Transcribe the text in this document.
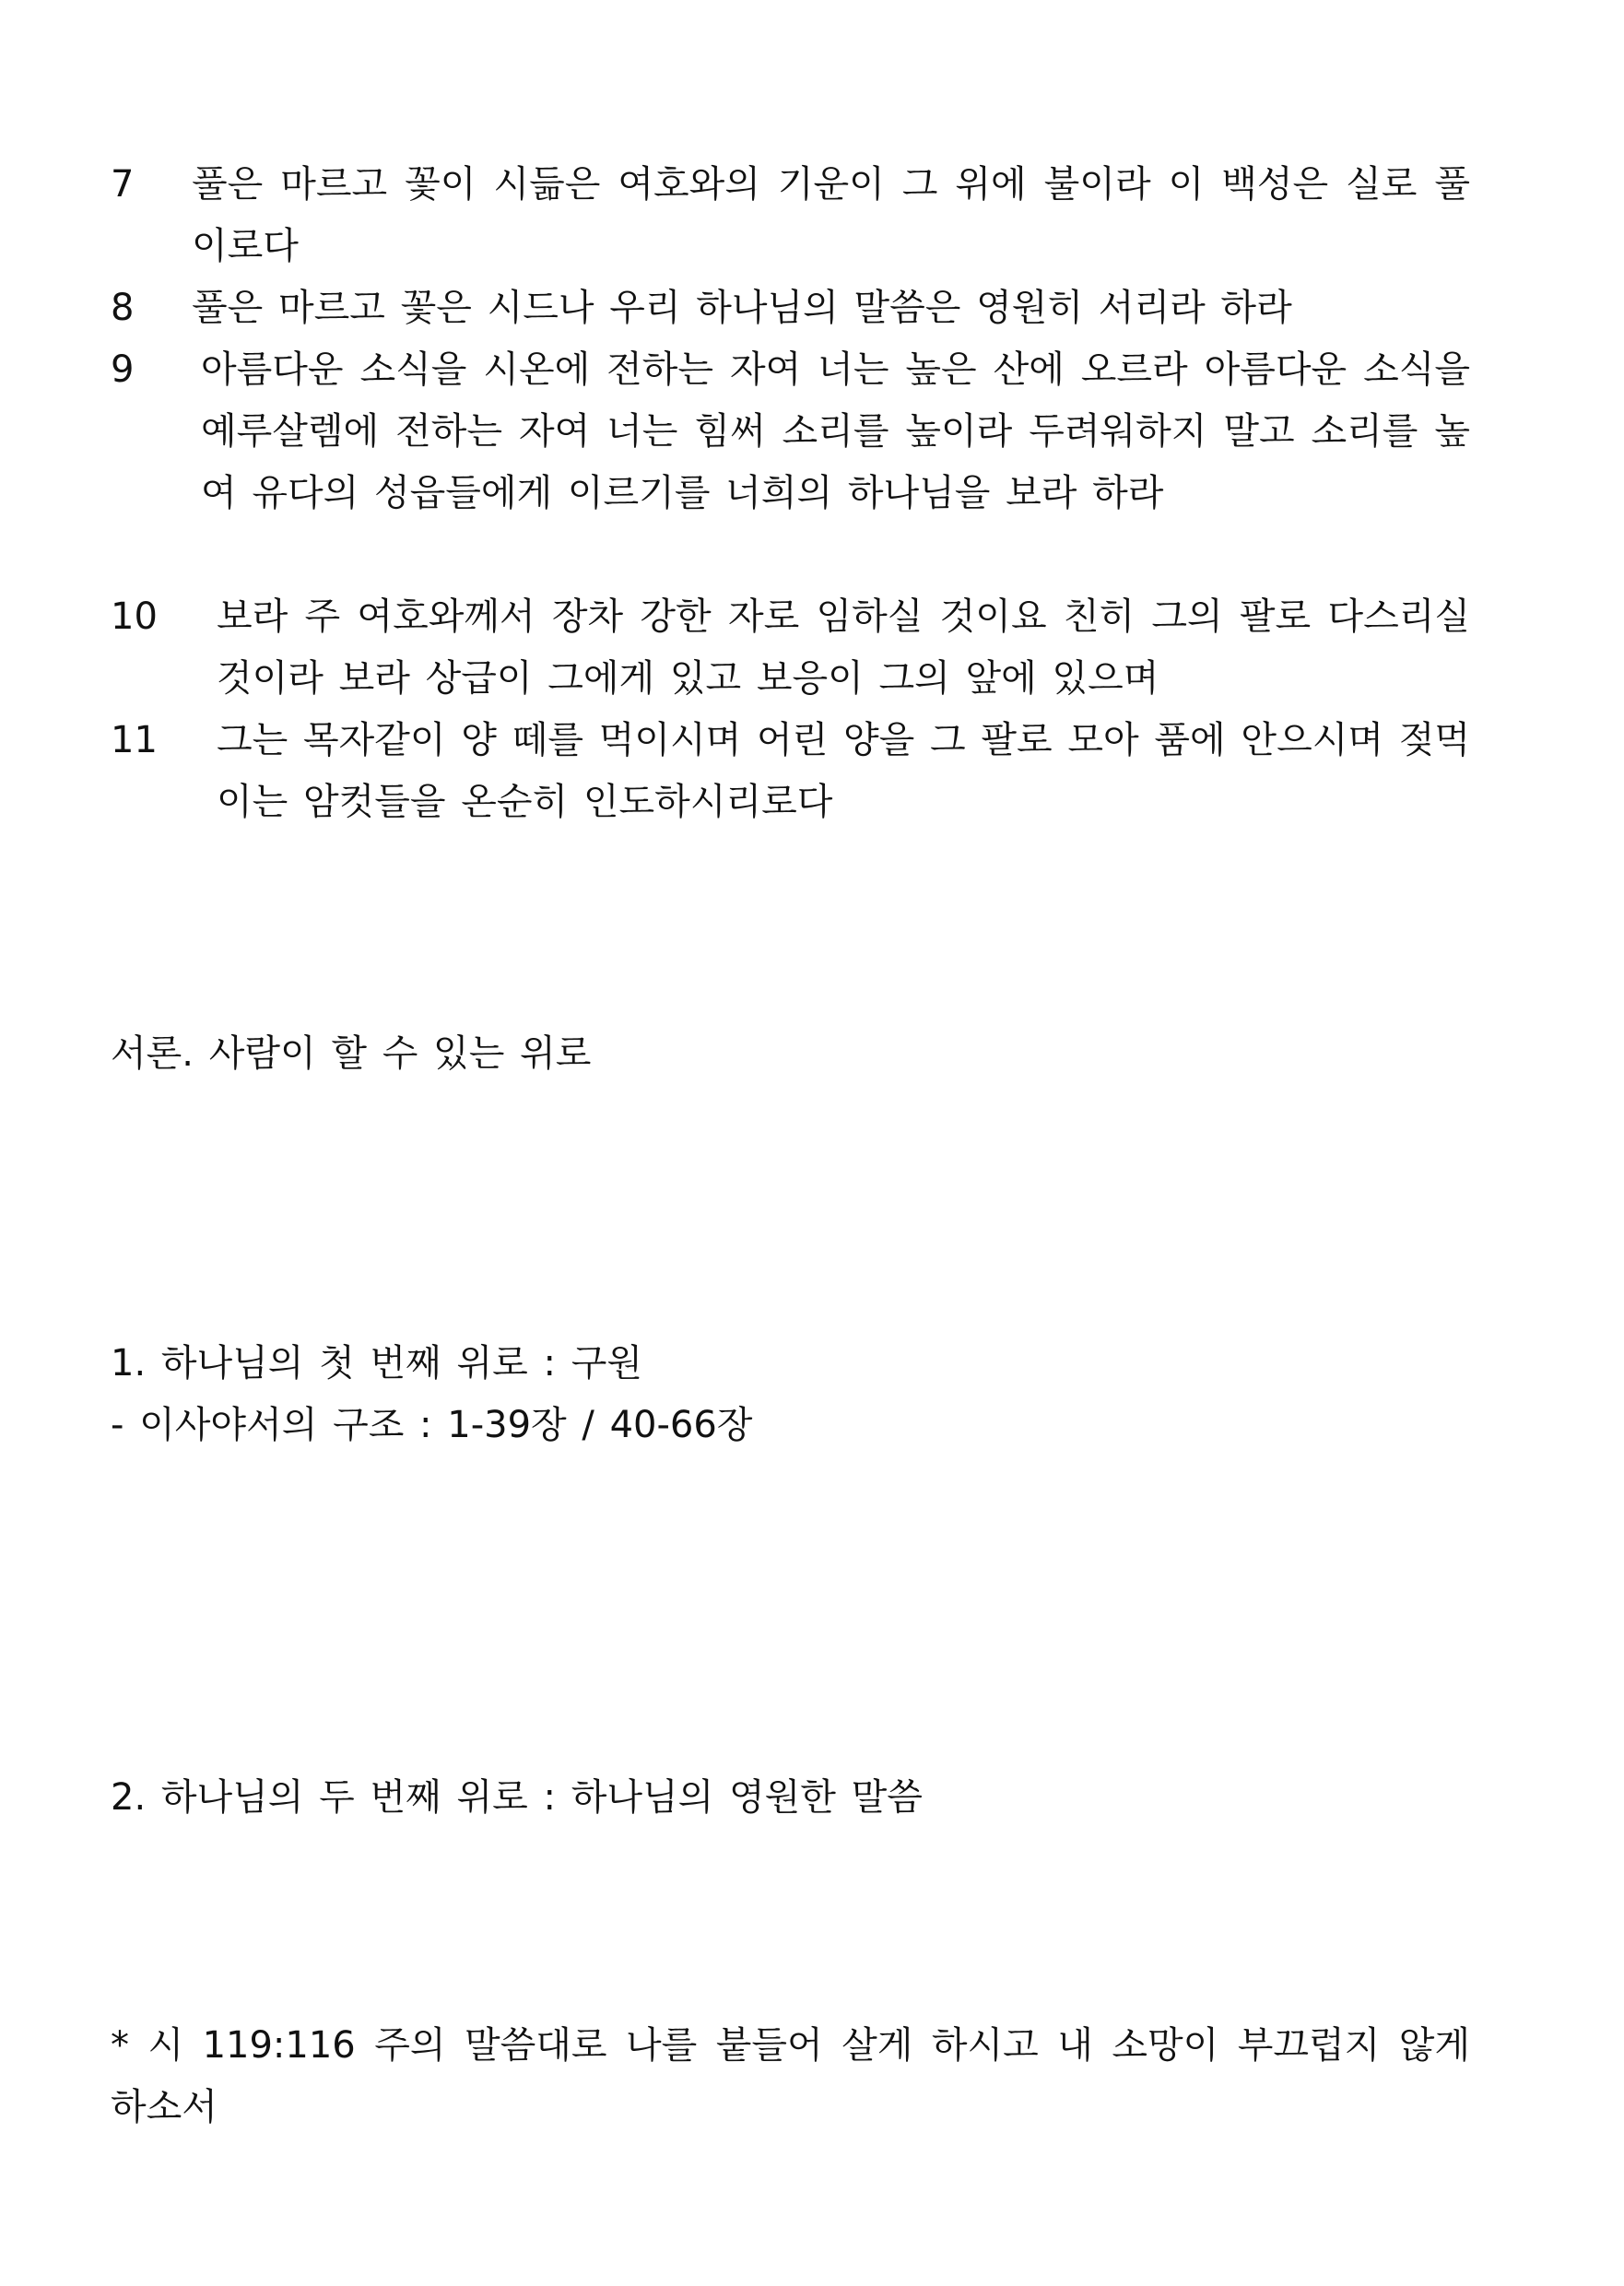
7 풀은 마르고 꽃이 시듦은 여호와의 기운이 그 위에 불이라 이 백성은 실로 풀이로다
8 풀은 마르고 꽃은 시드나 우리 하나님의 말씀은 영원히 서리라 하라
9 아름다운 소식을 시온에 전하는 자여 너는 높은 산에 오르라 아름다운 소식을 예루살렘에 전하는 자여 너는 힘써 소리를 높이라 두려워하지 말고 소리를 높여 유다의 성읍들에게 이르기를 너희의 하나님을 보라 하라
10 보라 주 여호와께서 장차 강한 자로 임하실 것이요 친히 그의 팔로 다스리실 것이라 보라 상급이 그에게 있고 보응이 그의 앞에 있으며
11 그는 목자같이 양 떼를 먹이시며 어린 양을 그 팔로 모아 품에 안으시며 젖먹이는 암컷들을 온순히 인도하시리로다
서론. 사람이 할 수 있는 위로
1. 하나님의 첫 번째 위로 : 구원
- 이사야서의 구조 : 1-39장 / 40-66장
2. 하나님의 두 번째 위로 : 하나님의 영원한 말씀
* 시 119:116 주의 말씀대로 나를 붙들어 살게 하시고 내 소망이 부끄럽지 않게 하소서
